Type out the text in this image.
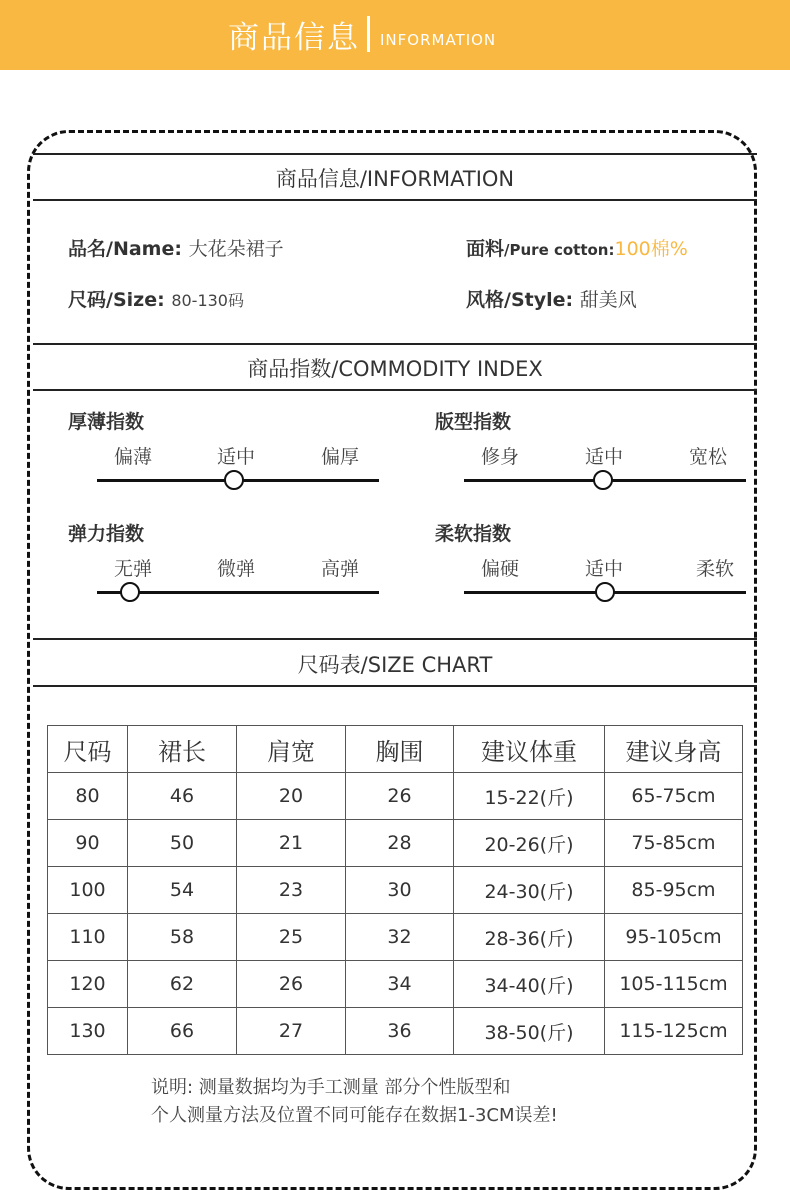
商品信息 INFORMATION
商品信息/INFORMATION
品名/Name: 大花朵裙子	面料/Pure cotton:100棉%
尺码/Size: 80-130码	风格/Style: 甜美风
商品指数/COMMODITY INDEX
厚薄指数
偏薄	适中	偏厚
版型指数
修身	适中	宽松
弹力指数
无弹	微弹	高弹
柔软指数
偏硬	适中	柔软
尺码表/SIZE CHART
尺码	裙长	肩宽	胸围	建议体重	建议身高
80	46	20	26	15-22(斤)	65-75cm
90	50	21	28	20-26(斤)	75-85cm
100	54	23	30	24-30(斤)	85-95cm
110	58	25	32	28-36(斤)	95-105cm
120	62	26	34	34-40(斤)	105-115cm
130	66	27	36	38-50(斤)	115-125cm
说明: 测量数据均为手工测量 部分个性版型和
个人测量方法及位置不同可能存在数据1-3CM误差!
